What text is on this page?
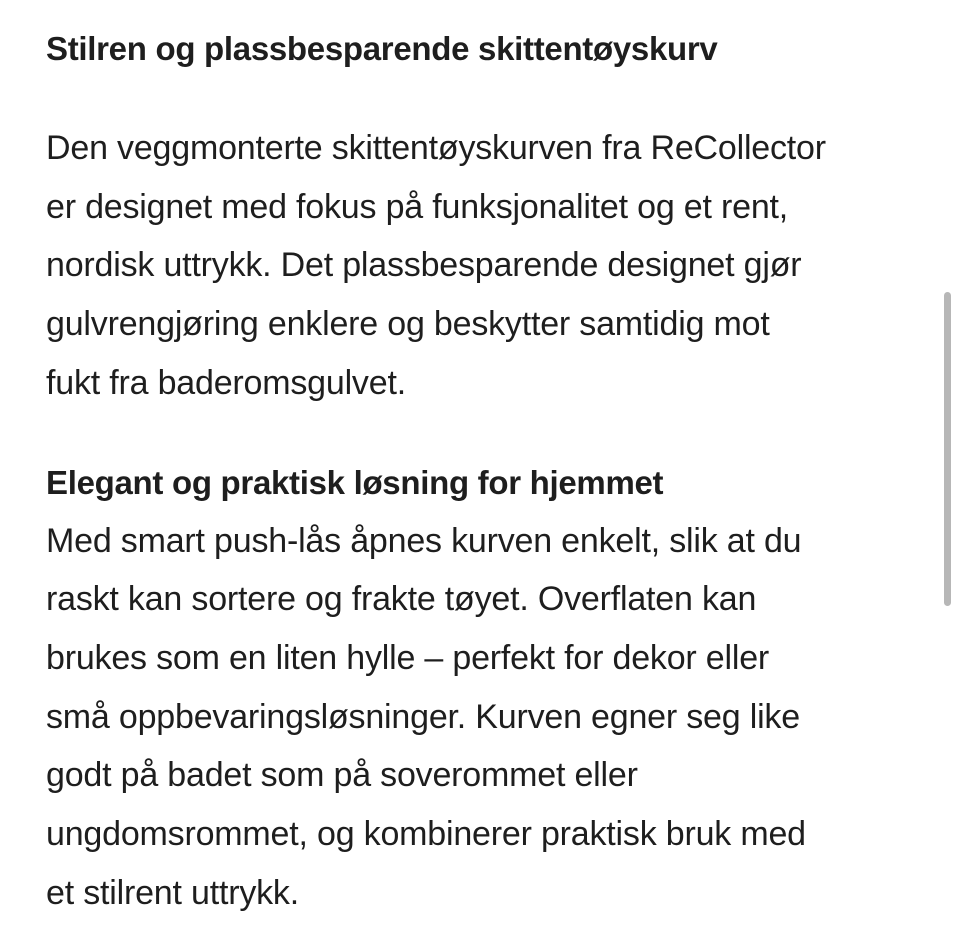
Stilren og plassbesparende skittentøyskurv

Den veggmonterte skittentøyskurven fra ReCollector
er designet med fokus på funksjonalitet og et rent,
nordisk uttrykk. Det plassbesparende designet gjør
gulvrengjøring enklere og beskytter samtidig mot
fukt fra baderomsgulvet.

Elegant og praktisk løsning for hjemmet

Med smart push-lås åpnes kurven enkelt, slik at du
raskt kan sortere og frakte tøyet. Overflaten kan
brukes som en liten hylle – perfekt for dekor eller
små oppbevaringsløsninger. Kurven egner seg like
godt på badet som på soverommet eller
ungdomsrommet, og kombinerer praktisk bruk med
et stilrent uttrykk.
